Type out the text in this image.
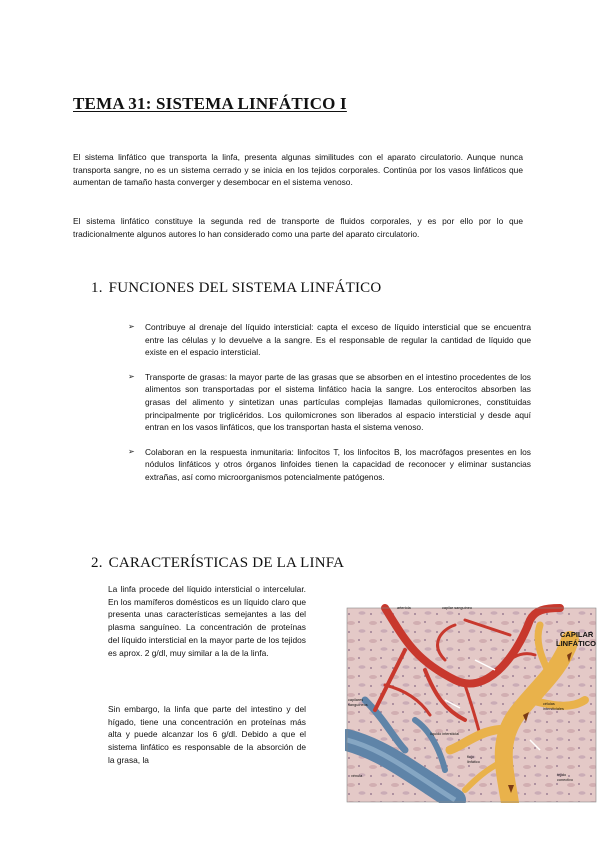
TEMA 31: SISTEMA LINFÁTICO I

El sistema linfático que transporta la linfa, presenta algunas similitudes con el aparato circulatorio. Aunque nunca transporta sangre, no es un sistema cerrado y se inicia en los tejidos corporales. Continúa por los vasos linfáticos que aumentan de tamaño hasta converger y desembocar en el sistema venoso.

El sistema linfático constituye la segunda red de transporte de fluidos corporales, y es por ello por lo que tradicionalmente algunos autores lo han considerado como una parte del aparato circulatorio.

1. FUNCIONES DEL SISTEMA LINFÁTICO
➢ Contribuye al drenaje del líquido intersticial: capta el exceso de líquido intersticial que se encuentra entre las células y lo devuelve a la sangre. Es el responsable de regular la cantidad de líquido que existe en el espacio intersticial.
➢ Transporte de grasas: la mayor parte de las grasas que se absorben en el intestino procedentes de los alimentos son transportadas por el sistema linfático hacia la sangre. Los enterocitos absorben las grasas del alimento y sintetizan unas partículas complejas llamadas quilomicrones, constituidas principalmente por triglicéridos. Los quilomicrones son liberados al espacio intersticial y desde aquí entran en los vasos linfáticos, que los transportan hasta el sistema venoso.
➢ Colaboran en la respuesta inmunitaria: linfocitos T, los linfocitos B, los macrófagos presentes en los nódulos linfáticos y otros órganos linfoides tienen la capacidad de reconocer y eliminar sustancias extrañas, así como microorganismos potencialmente patógenos.
2. CARACTERÍSTICAS DE LA LINFA

La linfa procede del líquido intersticial o intercelular. En los mamíferos domésticos es un líquido claro que presenta unas características semejantes a las del plasma sanguíneo. La concentración de proteínas del líquido intersticial en la mayor parte de los tejidos es aprox. 2 g/dl, muy similar a la de la linfa.

Sin embargo, la linfa que parte del intestino y del hígado, tiene una concentración en proteínas más alta y puede alcanzar los 6 g/dl. Debido a que el sistema linfático es responsable de la absorción de la grasa, la

CAPILAR
LINFÁTICO
arteriola	capilar sanguíneo
capilares
sanguíneos	células
intersticiales
líquido intersticial
flujo
linfático
vénula	tejido
conectivo
